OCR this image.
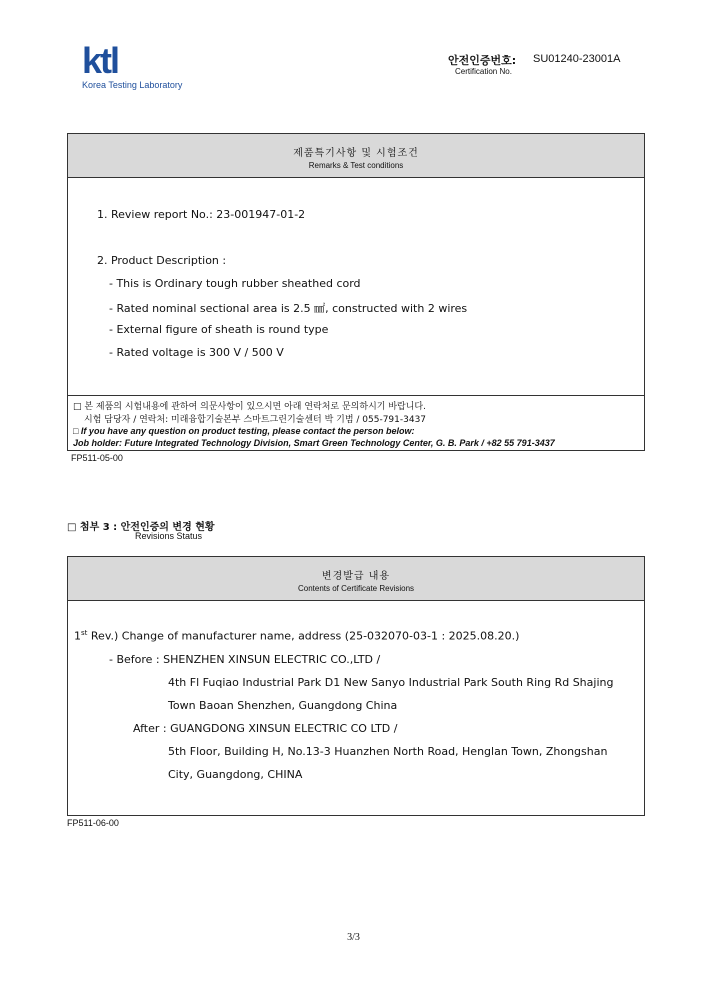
ktl
Korea Testing Laboratory
안전인증번호:
Certification No.
SU01240-23001A
제품특기사항 및 시험조건
Remarks & Test conditions
1. Review report No.: 23-001947-01-2
2. Product Description :
- This is Ordinary tough rubber sheathed cord
- Rated nominal sectional area is 2.5 ㎟, constructed with 2 wires
- External figure of sheath is round type
- Rated voltage is 300 V / 500 V
□ 본 제품의 시험내용에 관하여 의문사항이 있으시면 아래 연락처로 문의하시기 바랍니다.
시험 담당자 / 연락처: 미래융합기술본부 스마트그린기술센터 박 기범 / 055-791-3437
□ If you have any question on product testing, please contact the person below:
Job holder: Future Integrated Technology Division, Smart Green Technology Center, G. B. Park / +82 55 791-3437
FP511-05-00
□ 첨부 3 : 안전인증의 변경 현황
Revisions Status
변경발급 내용
Contents of Certificate Revisions
1st Rev.) Change of manufacturer name, address (25-032070-03-1 : 2025.08.20.)
- Before : SHENZHEN XINSUN ELECTRIC CO.,LTD /
4th Fl Fuqiao Industrial Park D1 New Sanyo Industrial Park South Ring Rd Shajing
Town Baoan Shenzhen, Guangdong China
After : GUANGDONG XINSUN ELECTRIC CO LTD /
5th Floor, Building H, No.13-3 Huanzhen North Road, Henglan Town, Zhongshan
City, Guangdong, CHINA
FP511-06-00
3/3
